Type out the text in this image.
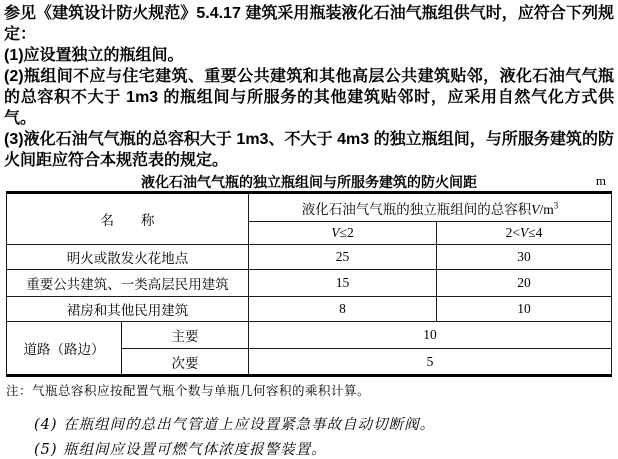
参见《建筑设计防火规范》5.4.17 建筑采用瓶装液化石油气瓶组供气时，应符合下列规定：

(1)应设置独立的瓶组间。

(2)瓶组间不应与住宅建筑、重要公共建筑和其他高层公共建筑贴邻，液化石油气气瓶的总容积不大于 1m3 的瓶组间与所服务的其他建筑贴邻时，应采用自然气化方式供气。

(3)液化石油气气瓶的总容积大于 1m3、不大于 4m3 的独立瓶组间，与所服务建筑的防火间距应符合本规范表的规定。

液化石油气气瓶的独立瓶组间与所服务建筑的防火间距	m
名　　称		液化石油气气瓶的独立瓶组间的总容积$V/m^3$
		V≤2	2<V≤4
明火或散发火花地点		25	30
重要公共建筑、一类高层民用建筑		15	20
裙房和其他民用建筑		8	10
道路（路边）	主要	10	
	次要	5	
注：气瓶总容积应按配置气瓶个数与单瓶几何容积的乘积计算。

(4) 在瓶组间的总出气管道上应设置紧急事故自动切断阀。

(5) 瓶组间应设置可燃气体浓度报警装置。
